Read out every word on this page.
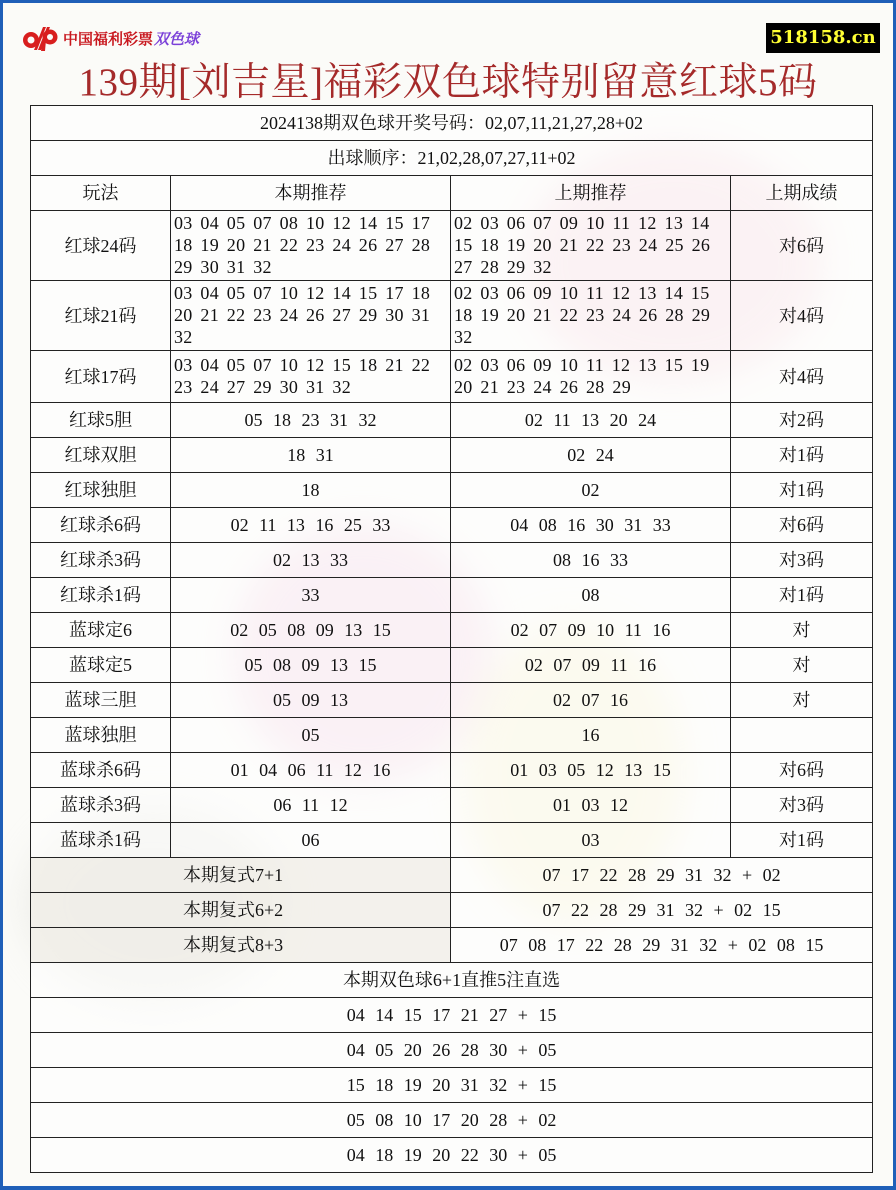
中国福利彩票 双色球	518158.cn
139期[刘吉星]福彩双色球特别留意红球5码
2024138期双色球开奖号码：02,07,11,21,27,28+02			
出球顺序：21,02,28,07,27,11+02			
玩法	本期推荐	上期推荐	上期成绩
红球24码	03 04 05 07 08 10 12 14 15 17 18 19 20 21 22 23 24 26 27 28 29 30 31 32	02 03 06 07 09 10 11 12 13 14 15 18 19 20 21 22 23 24 25 26 27 28 29 32	对6码
红球21码	03 04 05 07 10 12 14 15 17 18 20 21 22 23 24 26 27 29 30 31 32	02 03 06 09 10 11 12 13 14 15 18 19 20 21 22 23 24 26 28 29 32	对4码
红球17码	03 04 05 07 10 12 15 18 21 22 23 24 27 29 30 31 32	02 03 06 09 10 11 12 13 15 19 20 21 23 24 26 28 29	对4码
红球5胆	05 18 23 31 32	02 11 13 20 24	对2码
红球双胆	18 31	02 24	对1码
红球独胆	18	02	对1码
红球杀6码	02 11 13 16 25 33	04 08 16 30 31 33	对6码
红球杀3码	02 13 33	08 16 33	对3码
红球杀1码	33	08	对1码
蓝球定6	02 05 08 09 13 15	02 07 09 10 11 16	对
蓝球定5	05 08 09 13 15	02 07 09 11 16	对
蓝球三胆	05 09 13	02 07 16	对
蓝球独胆	05	16	
蓝球杀6码	01 04 06 11 12 16	01 03 05 12 13 15	对6码
蓝球杀3码	06 11 12	01 03 12	对3码
蓝球杀1码	06	03	对1码
本期复式7+1		07 17 22 28 29 31 32 + 02	
本期复式6+2		07 22 28 29 31 32 + 02 15	
本期复式8+3		07 08 17 22 28 29 31 32 + 02 08 15	
本期双色球6+1直推5注直选			
04 14 15 17 21 27 + 15			
04 05 20 26 28 30 + 05			
15 18 19 20 31 32 + 15			
05 08 10 17 20 28 + 02			
04 18 19 20 22 30 + 05			
